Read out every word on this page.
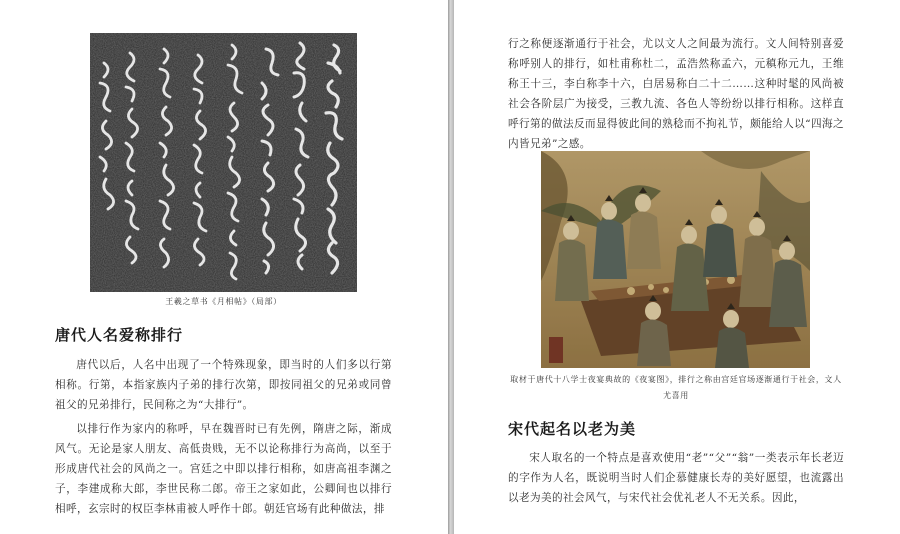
王羲之草书《月相帖》（局部）
唐代人名爱称排行

唐代以后，人名中出现了一个特殊现象，即当时的人们多以行第相称。行第，本指家族内子弟的排行次第，即按同祖父的兄弟或同曾祖父的兄弟排行，民间称之为“大排行”。

以排行作为家内的称呼，早在魏晋时已有先例，隋唐之际，渐成风气。无论是家人朋友、高低贵贱，无不以论称排行为高尚，以至于形成唐代社会的风尚之一。宫廷之中即以排行相称，如唐高祖李渊之子，李建成称大郎，李世民称二郎。帝王之家如此，公卿间也以排行相呼，玄宗时的权臣李林甫被人呼作十郎。朝廷官场有此种做法，排

行之称便逐渐通行于社会，尤以文人之间最为流行。文人间特别喜爱称呼别人的排行，如杜甫称杜二，孟浩然称孟六，元稹称元九，王维称王十三，李白称李十六，白居易称白二十二……这种时髦的风尚被社会各阶层广为接受，三教九流、各色人等纷纷以排行相称。这样直呼行第的做法反而显得彼此间的熟稔而不拘礼节，颇能给人以“四海之内皆兄弟”之感。

取材于唐代十八学士夜宴典故的《夜宴图》，排行之称由宫廷官场逐渐通行于社会，文人尤喜用
宋代起名以老为美

宋人取名的一个特点是喜欢使用“老”“父”“翁”一类表示年长老迈的字作为人名，既说明当时人们企慕健康长寿的美好愿望，也流露出以老为美的社会风气，与宋代社会优礼老人不无关系。因此，
